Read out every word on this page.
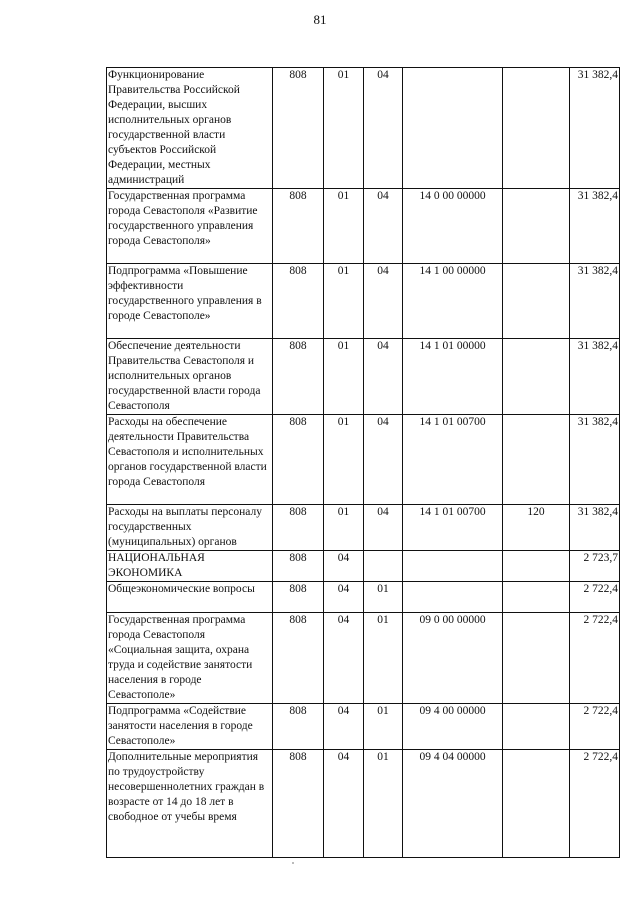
81
Функционирование Правительства Российской Федерации, высших исполнительных органов государственной власти субъектов Российской Федерации, местных администраций	808	01	04			31 382,4
Государственная программа города Севастополя «Развитие государственного управления города Севастополя»	808	01	04	14 0 00 00000		31 382,4
Подпрограмма «Повышение эффективности государственного управления в городе Севастополе»	808	01	04	14 1 00 00000		31 382,4
Обеспечение деятельности Правительства Севастополя и исполнительных органов государственной власти города Севастополя	808	01	04	14 1 01 00000		31 382,4
Расходы на обеспечение деятельности Правительства Севастополя и исполнительных органов государственной власти города Севастополя	808	01	04	14 1 01 00700		31 382,4
Расходы на выплаты персоналу государственных (муниципальных) органов	808	01	04	14 1 01 00700	120	31 382,4
НАЦИОНАЛЬНАЯ ЭКОНОМИКА	808	04				2 723,7
Общеэкономические вопросы	808	04	01			2 722,4
Государственная программа города Севастополя «Социальная защита, охрана труда и содействие занятости населения в городе Севастополе»	808	04	01	09 0 00 00000		2 722,4
Подпрограмма «Содействие занятости населения в городе Севастополе»	808	04	01	09 4 00 00000		2 722,4
Дополнительные мероприятия по трудоустройству несовершеннолетних граждан в возрасте от 14 до 18 лет в свободное от учебы время	808	04	01	09 4 04 00000		2 722,4
